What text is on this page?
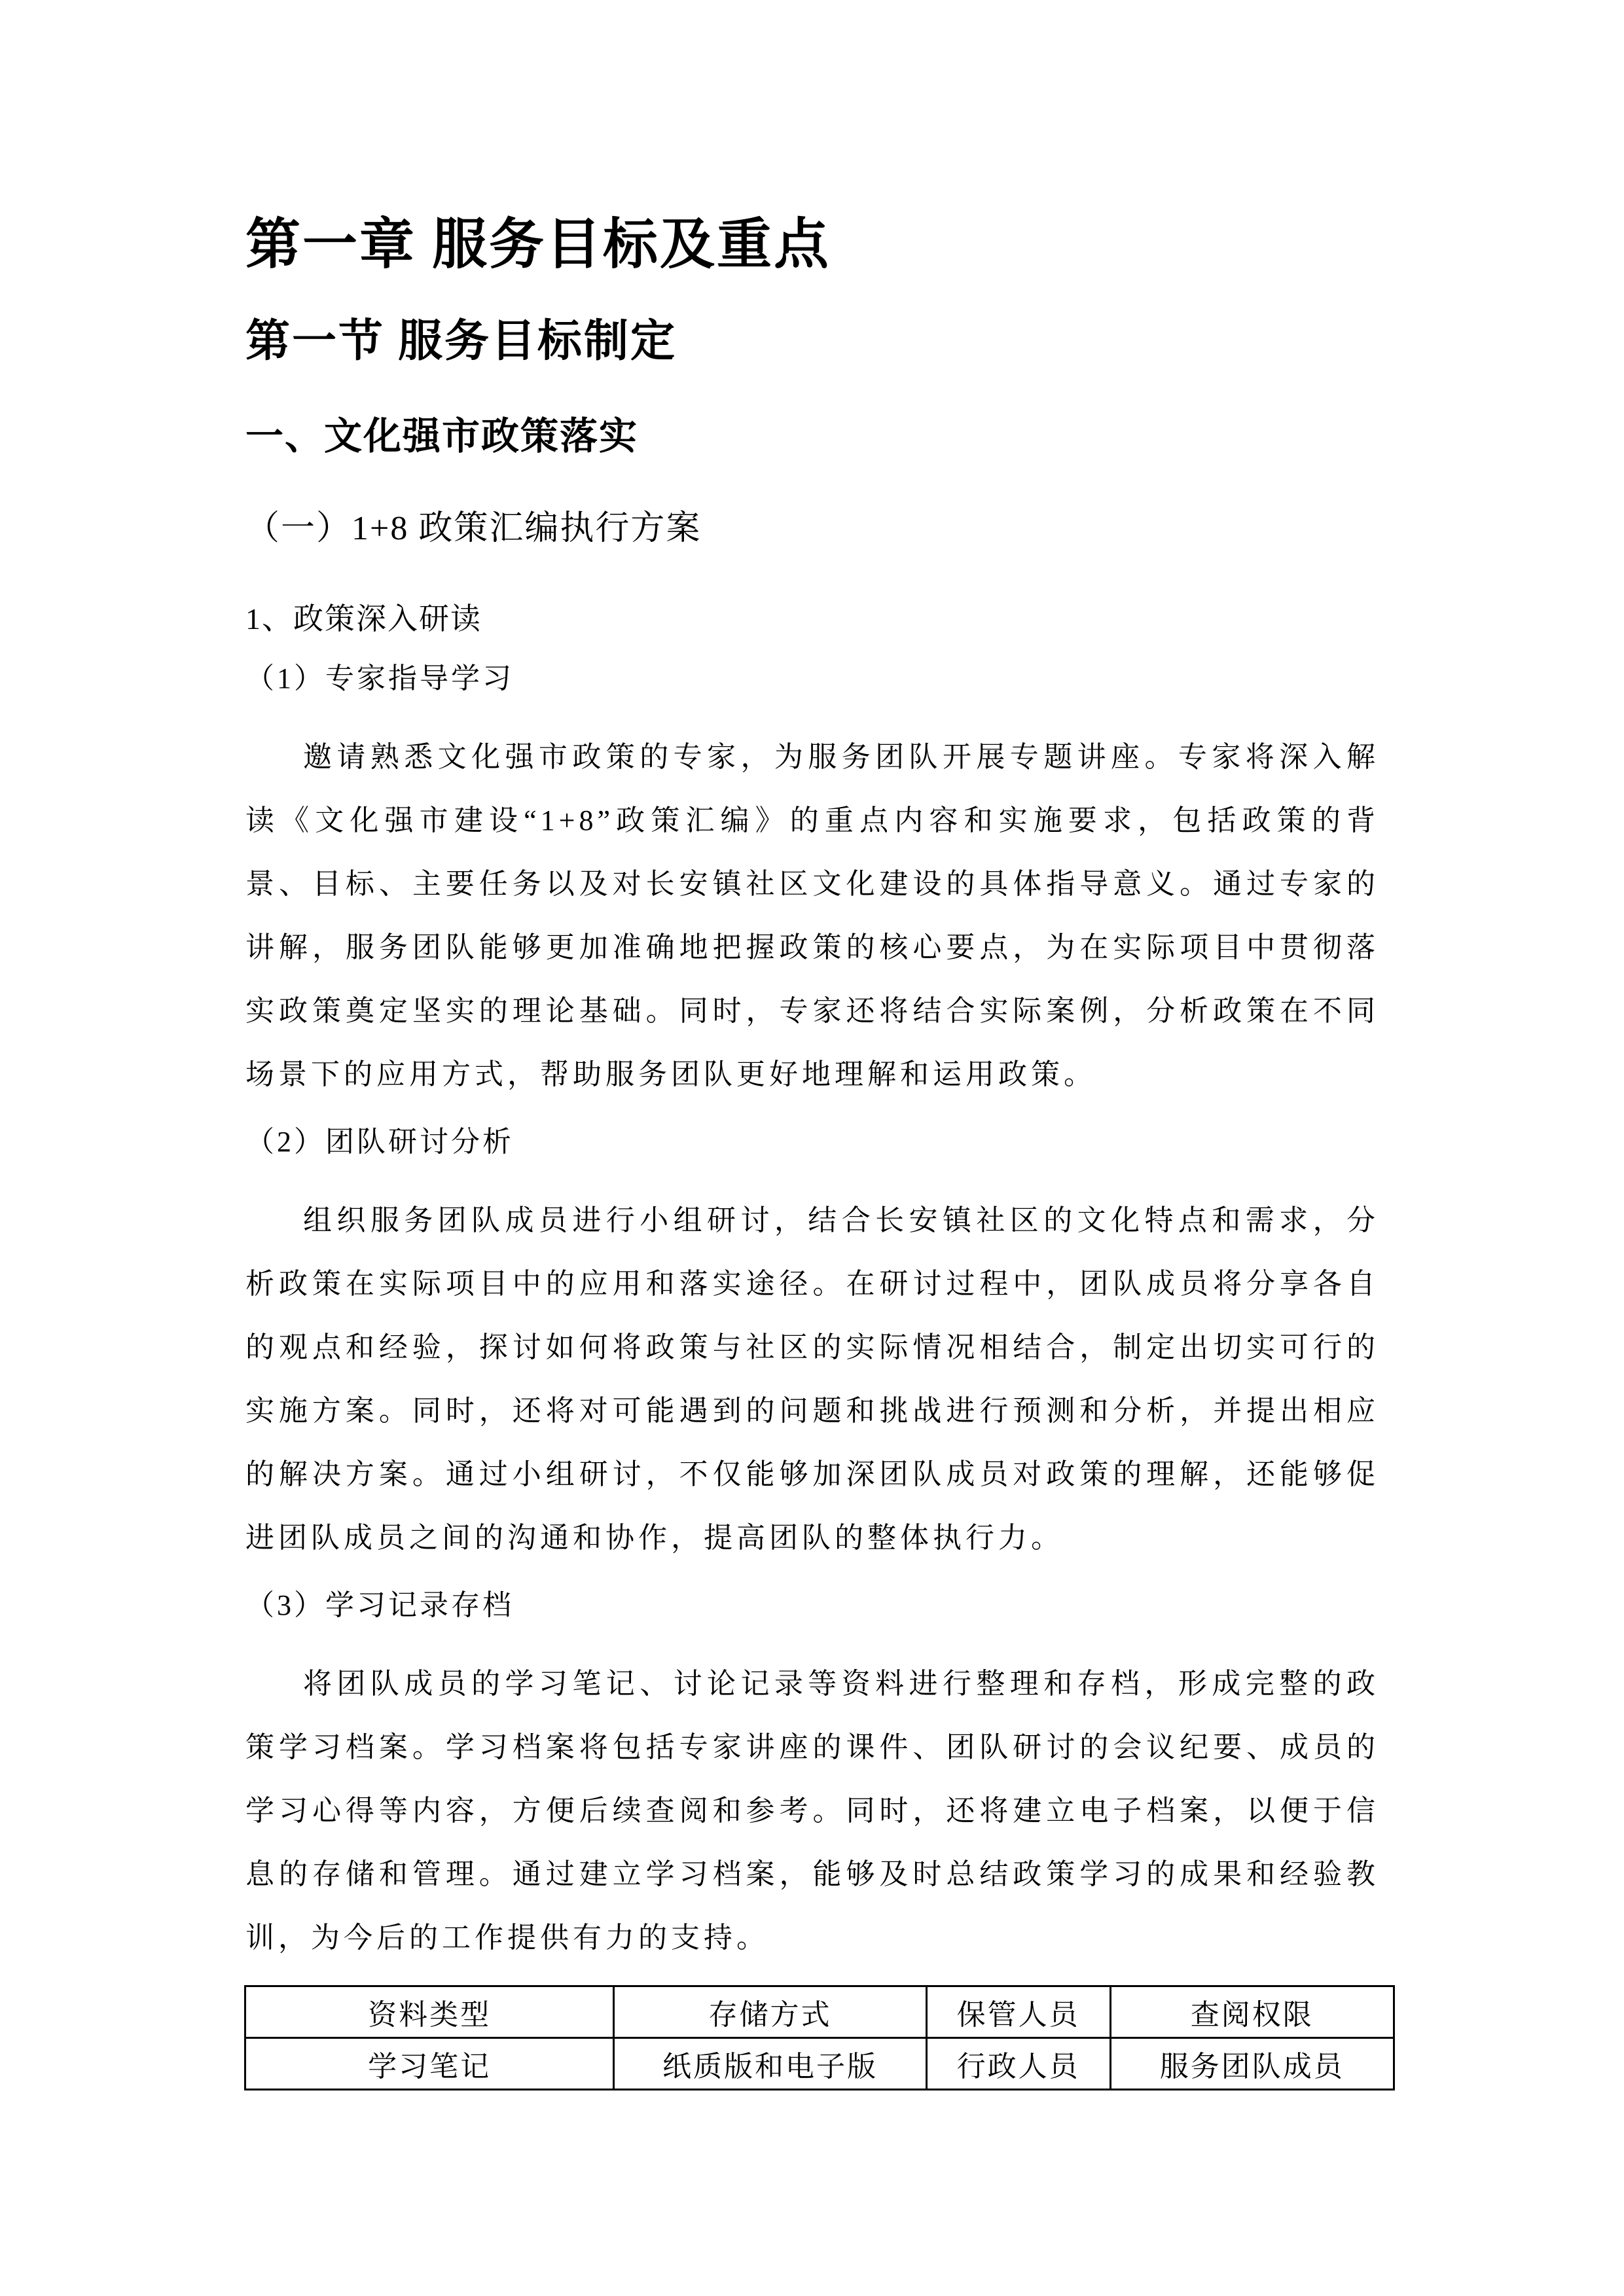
第一章 服务目标及重点
第一节 服务目标制定
一、文化强市政策落实
（一）1+8 政策汇编执行方案
1、政策深入研读
（1）专家指导学习

邀请熟悉文化强市政策的专家，为服务团队开展专题讲座。专家将深入解读《文化强市建设“1+8”政策汇编》的重点内容和实施要求，包括政策的背景、目标、主要任务以及对长安镇社区文化建设的具体指导意义。通过专家的讲解，服务团队能够更加准确地把握政策的核心要点，为在实际项目中贯彻落实政策奠定坚实的理论基础。同时，专家还将结合实际案例，分析政策在不同场景下的应用方式，帮助服务团队更好地理解和运用政策。

（2）团队研讨分析

组织服务团队成员进行小组研讨，结合长安镇社区的文化特点和需求，分析政策在实际项目中的应用和落实途径。在研讨过程中，团队成员将分享各自的观点和经验，探讨如何将政策与社区的实际情况相结合，制定出切实可行的实施方案。同时，还将对可能遇到的问题和挑战进行预测和分析，并提出相应的解决方案。通过小组研讨，不仅能够加深团队成员对政策的理解，还能够促进团队成员之间的沟通和协作，提高团队的整体执行力。

（3）学习记录存档

将团队成员的学习笔记、讨论记录等资料进行整理和存档，形成完整的政策学习档案。学习档案将包括专家讲座的课件、团队研讨的会议纪要、成员的学习心得等内容，方便后续查阅和参考。同时，还将建立电子档案，以便于信息的存储和管理。通过建立学习档案，能够及时总结政策学习的成果和经验教训，为今后的工作提供有力的支持。

资料类型	存储方式	保管人员	查阅权限
学习笔记	纸质版和电子版	行政人员	服务团队成员
